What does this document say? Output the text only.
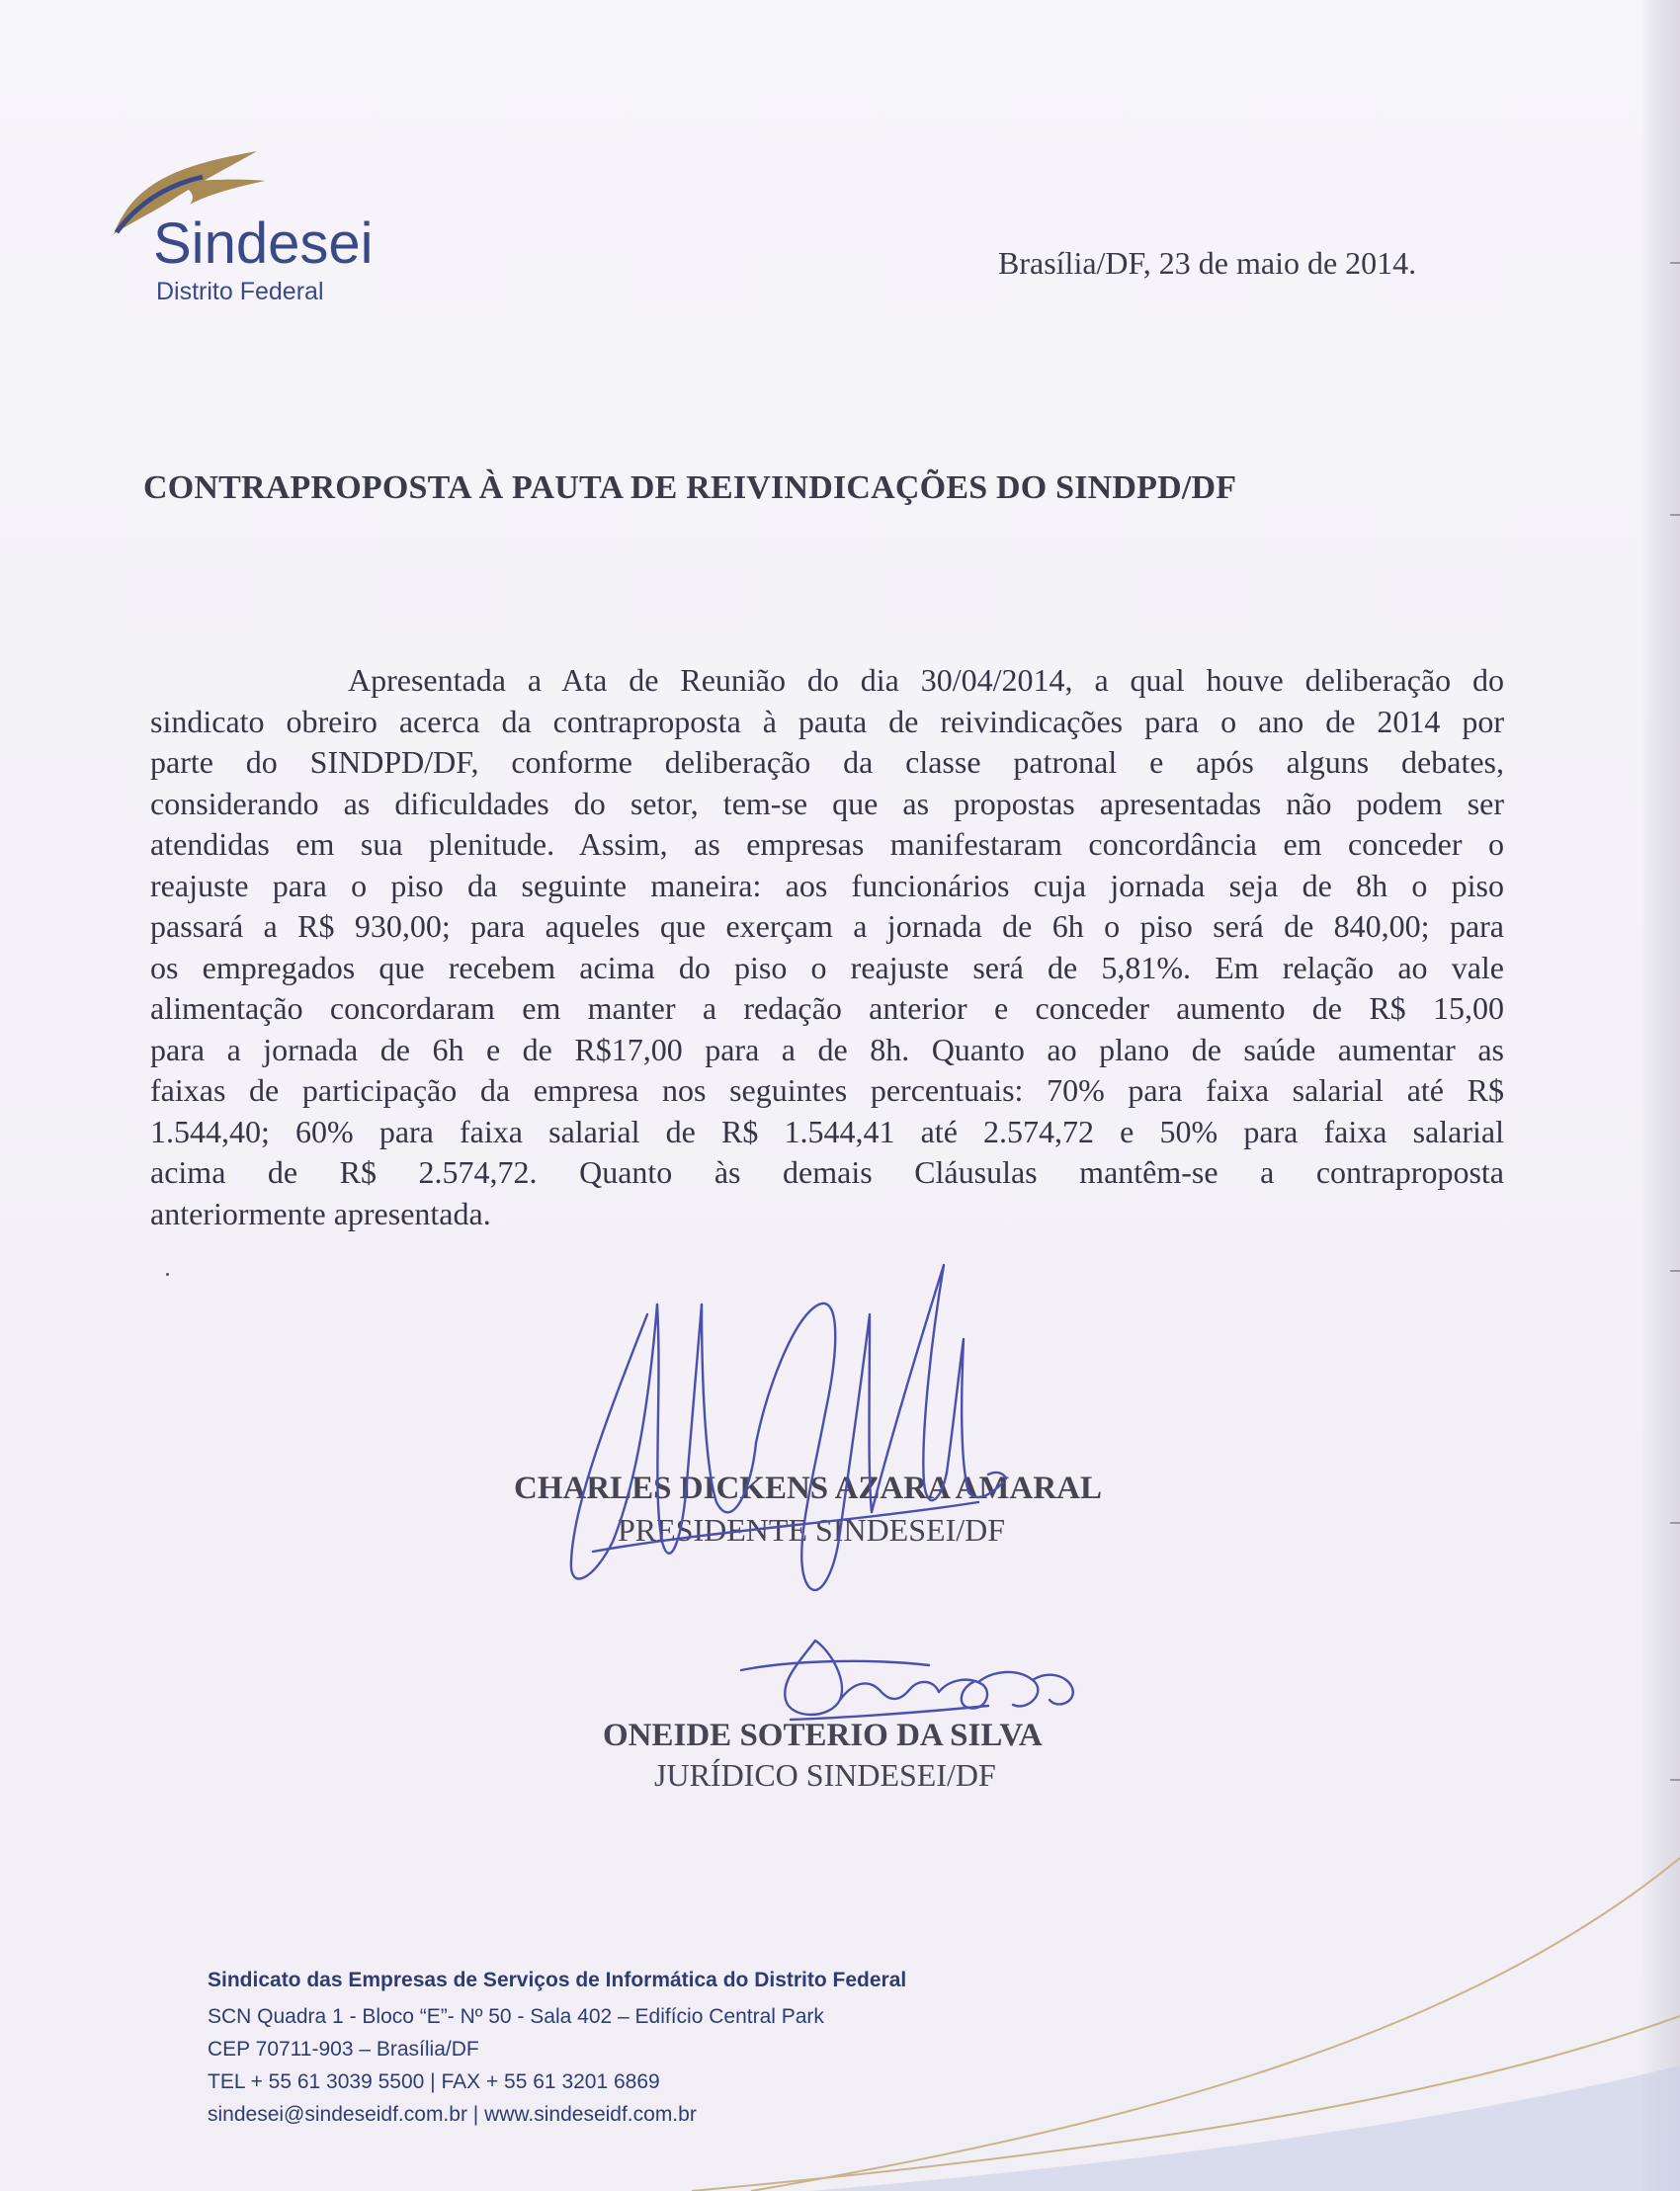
Sindesei
Distrito Federal
Brasília/DF, 23 de maio de 2014.
CONTRAPROPOSTA À PAUTA DE REIVINDICAÇÕES DO SINDPD/DF
Apresentada a Ata de Reunião do dia 30/04/2014, a qual houve deliberação do
sindicato obreiro acerca da contraproposta à pauta de reivindicações para o ano de 2014 por
parte do SINDPD/DF, conforme deliberação da classe patronal e após alguns debates,
considerando as dificuldades do setor, tem-se que as propostas apresentadas não podem ser
atendidas em sua plenitude. Assim, as empresas manifestaram concordância em conceder o
reajuste para o piso da seguinte maneira: aos funcionários cuja jornada seja de 8h o piso
passará a R$ 930,00; para aqueles que exerçam a jornada de 6h o piso será de 840,00; para
os empregados que recebem acima do piso o reajuste será de 5,81%. Em relação ao vale
alimentação concordaram em manter a redação anterior e conceder aumento de R$ 15,00
para a jornada de 6h e de R$17,00 para a de 8h. Quanto ao plano de saúde aumentar as
faixas de participação da empresa nos seguintes percentuais: 70% para faixa salarial até R$
1.544,40; 60% para faixa salarial de R$ 1.544,41 até 2.574,72 e 50% para faixa salarial
acima de R$ 2.574,72. Quanto às demais Cláusulas mantêm-se a contraproposta
anteriormente apresentada.
CHARLES DICKENS AZARA AMARAL
PRESIDENTE SINDESEI/DF
ONEIDE SOTERIO DA SILVA
JURÍDICO SINDESEI/DF
Sindicato das Empresas de Serviços de Informática do Distrito Federal
SCN Quadra 1 - Bloco “E”- Nº 50 - Sala 402 – Edifício Central Park
CEP 70711-903 – Brasília/DF
TEL + 55 61 3039 5500 | FAX + 55 61 3201 6869
sindesei@sindeseidf.com.br | www.sindeseidf.com.br
